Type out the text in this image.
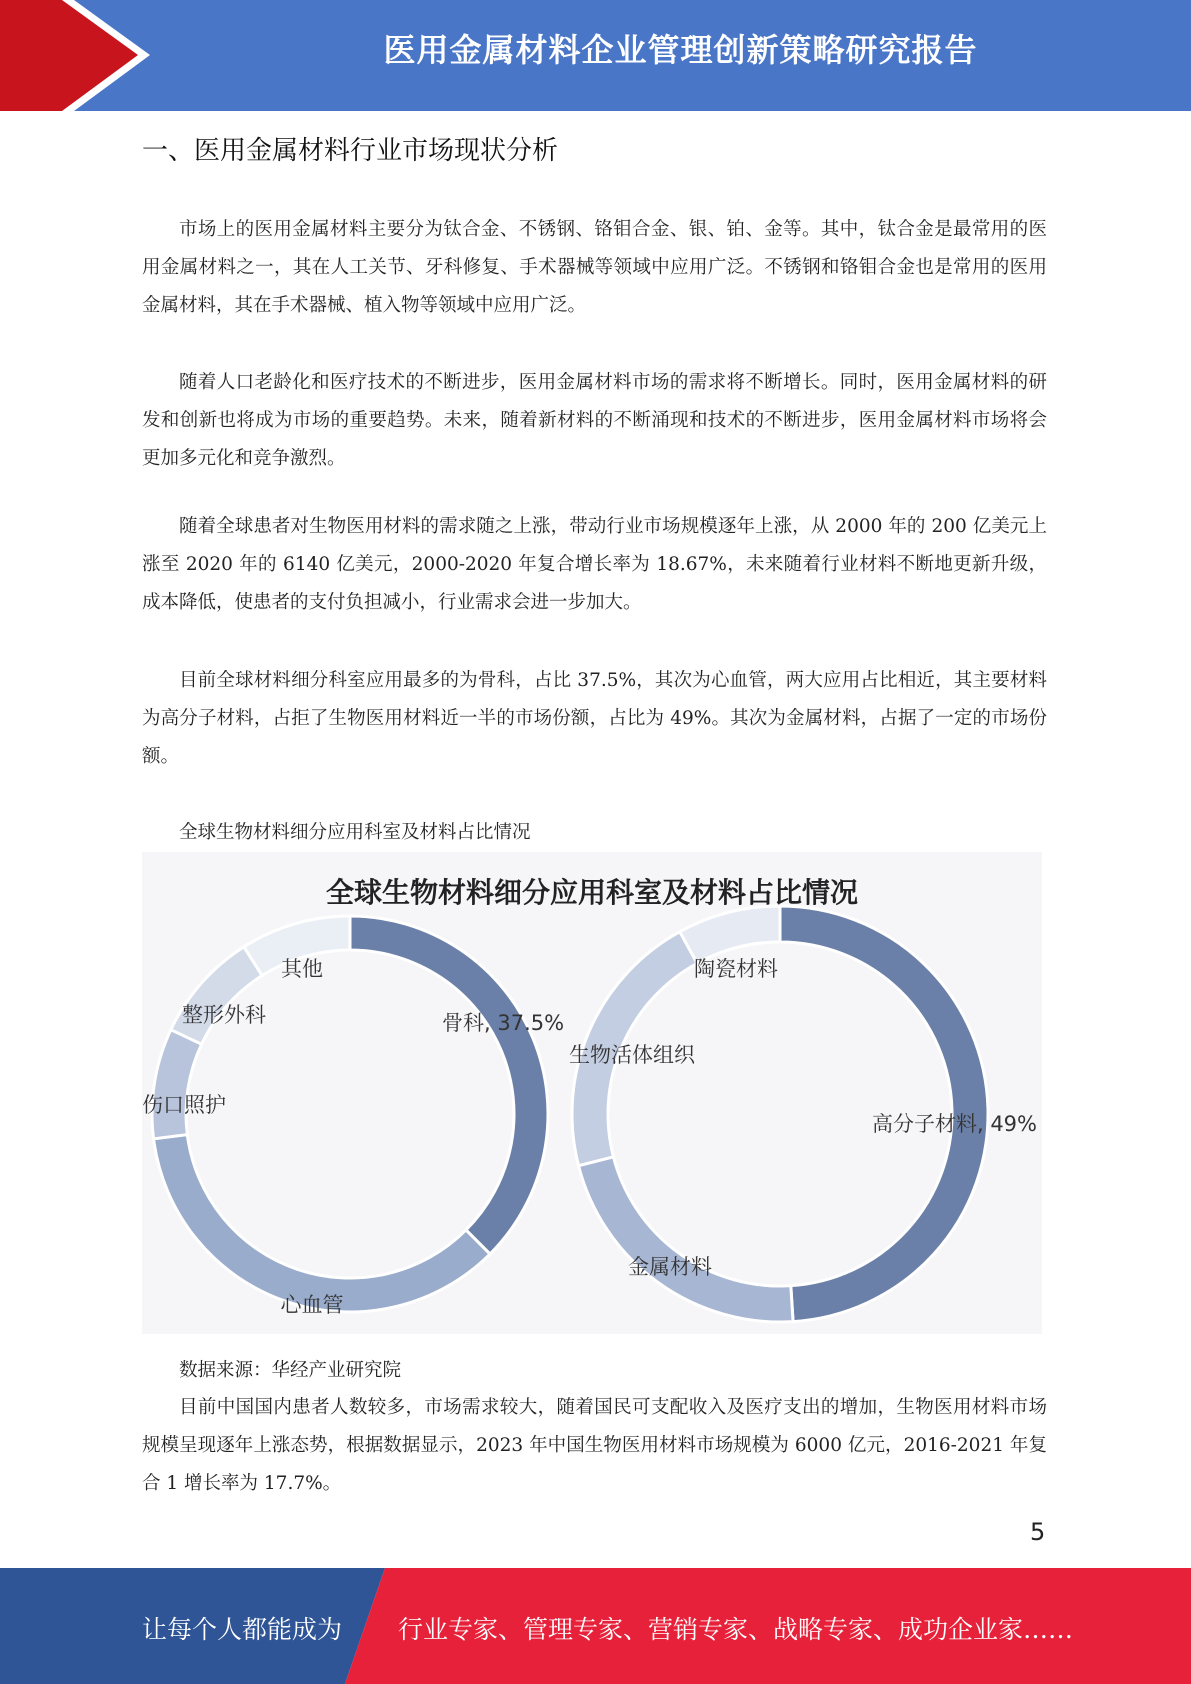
医用金属材料企业管理创新策略研究报告
一、医用金属材料行业市场现状分析

市场上的医用金属材料主要分为钛合金、不锈钢、铬钼合金、银、铂、金等。其中，钛合金是最常用的医用金属材料之一，其在人工关节、牙科修复、手术器械等领域中应用广泛。不锈钢和铬钼合金也是常用的医用金属材料，其在手术器械、植入物等领域中应用广泛。

随着人口老龄化和医疗技术的不断进步，医用金属材料市场的需求将不断增长。同时，医用金属材料的研发和创新也将成为市场的重要趋势。未来，随着新材料的不断涌现和技术的不断进步，医用金属材料市场将会更加多元化和竞争激烈。

随着全球患者对生物医用材料的需求随之上涨，带动行业市场规模逐年上涨，从 2000 年的 200 亿美元上涨至 2020 年的 6140 亿美元，2000-2020 年复合增长率为 18.67%，未来随着行业材料不断地更新升级，成本降低，使患者的支付负担减小，行业需求会进一步加大。

目前全球材料细分科室应用最多的为骨科，占比 37.5%，其次为心血管，两大应用占比相近，其主要材料为高分子材料，占拒了生物医用材料近一半的市场份额，占比为 49%。其次为金属材料，占据了一定的市场份额。

全球生物材料细分应用科室及材料占比情况

全球生物材料细分应用科室及材料占比情况
骨科, 37.5%
心血管
伤口照护
整形外科
其他
高分子材料, 49%
金属材料
生物活体组织
陶瓷材料
数据来源：华经产业研究院

目前中国国内患者人数较多，市场需求较大，随着国民可支配收入及医疗支出的增加，生物医用材料市场规模呈现逐年上涨态势，根据数据显示，2023 年中国生物医用材料市场规模为 6000 亿元，2016-2021 年复合 1 增长率为 17.7%。

5
让每个人都能成为 行业专家、管理专家、营销专家、战略专家、成功企业家……
